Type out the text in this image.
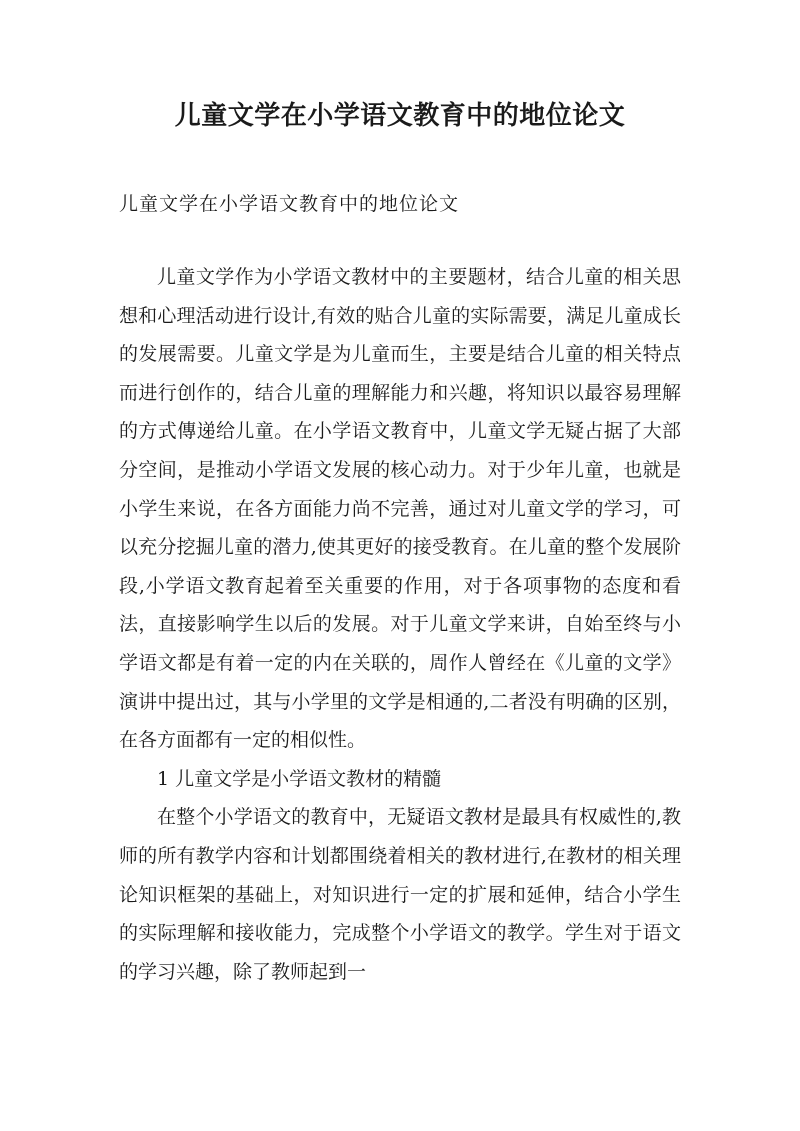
儿童文学在小学语文教育中的地位论文

儿童文学在小学语文教育中的地位论文

儿童文学作为小学语文教材中的主要题材，结合儿童的相关思想和心理活动进行设计,有效的贴合儿童的实际需要，满足儿童成长的发展需要。儿童文学是为儿童而生，主要是结合儿童的相关特点而进行创作的，结合儿童的理解能力和兴趣，将知识以最容易理解的方式傳递给儿童。在小学语文教育中，儿童文学无疑占据了大部分空间，是推动小学语文发展的核心动力。对于少年儿童，也就是小学生来说，在各方面能力尚不完善，通过对儿童文学的学习，可以充分挖掘儿童的潜力,使其更好的接受教育。在儿童的整个发展阶段,小学语文教育起着至关重要的作用，对于各项事物的态度和看法，直接影响学生以后的发展。对于儿童文学来讲，自始至终与小学语文都是有着一定的内在关联的，周作人曾经在《儿童的文学》演讲中提出过，其与小学里的文学是相通的,二者没有明确的区别，在各方面都有一定的相似性。

1 儿童文学是小学语文教材的精髓

在整个小学语文的教育中，无疑语文教材是最具有权威性的,教师的所有教学内容和计划都围绕着相关的教材进行,在教材的相关理论知识框架的基础上，对知识进行一定的扩展和延伸，结合小学生的实际理解和接收能力，完成整个小学语文的教学。学生对于语文的学习兴趣，除了教师起到一
